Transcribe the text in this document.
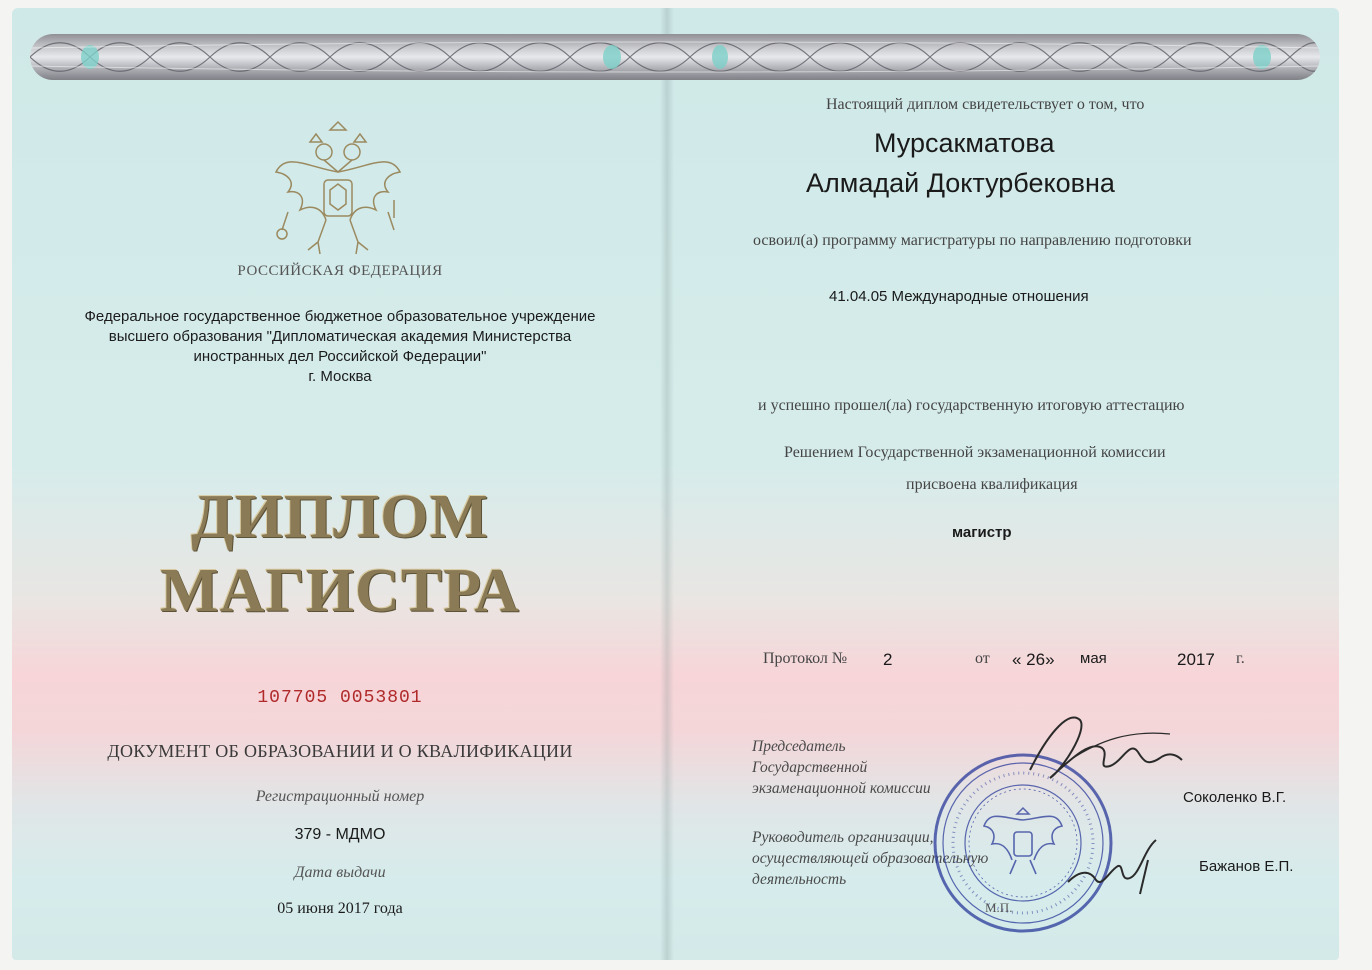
РОССИЙСКАЯ ФЕДЕРАЦИЯ
Федеральное государственное бюджетное образовательное учреждение
высшего образования "Дипломатическая академия Министерства
иностранных дел Российской Федерации"
г. Москва
ДИПЛОМ
МАГИСТРА
107705 0053801
ДОКУМЕНТ ОБ ОБРАЗОВАНИИ И О КВАЛИФИКАЦИИ
Регистрационный номер
379 - МДМО
Дата выдачи
05 июня 2017 года
Настоящий диплом свидетельствует о том, что
Мурсакматова
Алмадай Доктурбековна
освоил(а) программу магистратуры по направлению подготовки
41.04.05 Международные отношения
и успешно прошел(ла) государственную итоговую аттестацию
Решением Государственной экзаменационной комиссии
присвоена квалификация
магистр
Протокол № 2	от « 26» мая	2017 г.
Председатель
Государственной
экзаменационной комиссии
Соколенко В.Г.
Руководитель организации,
осуществляющей образовательную
деятельность
Бажанов Е.П.
М.П.
